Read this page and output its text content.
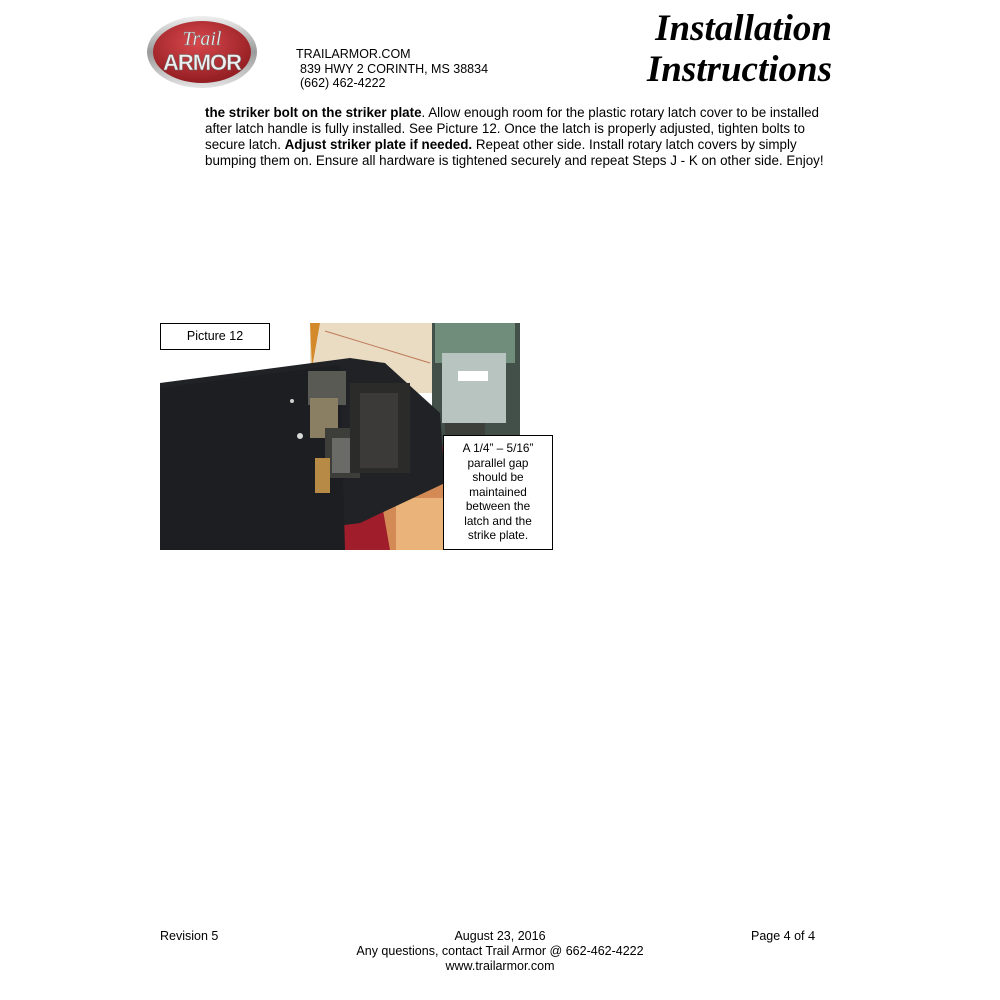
Trail
ARMOR	TRAILARMOR.COM
839 HWY 2 CORINTH, MS 38834
(662) 462-4222
Installation
Instructions
the striker bolt on the striker plate. Allow enough room for the plastic rotary latch cover to be installed after latch handle is fully installed. See Picture 12. Once the latch is properly adjusted, tighten bolts to secure latch. Adjust striker plate if needed. Repeat other side. Install rotary latch covers by simply bumping them on. Ensure all hardware is tightened securely and repeat Steps J - K on other side. Enjoy!
Picture 12
A 1/4” – 5/16”
parallel gap
should be
maintained
between the
latch and the
strike plate.
Revision 5	August 23, 2016
Any questions, contact Trail Armor @ 662-462-4222
www.trailarmor.com
Page 4 of 4
